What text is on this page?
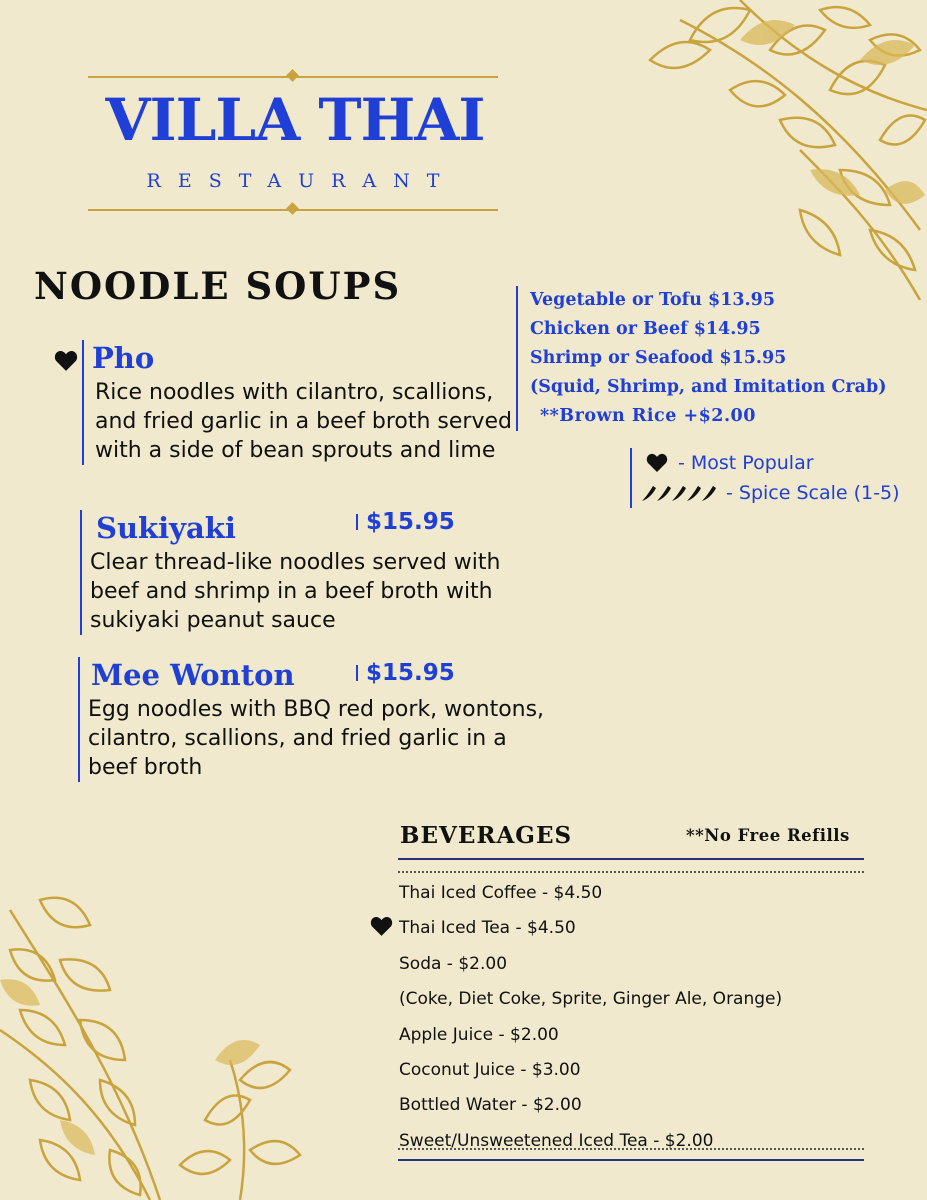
VILLA THAI
RESTAURANT
NOODLE SOUPS	Vegetable or Tofu $13.95
Chicken or Beef $14.95
Shrimp or Seafood $15.95
(Squid, Shrimp, and Imitation Crab)
**Brown Rice +$2.00
- Most Popular
- Spice Scale (1-5)
Pho
Rice noodles with cilantro, scallions, and fried garlic in a beef broth served with a side of bean sprouts and lime
Sukiyaki
Clear thread-like noodles served with beef and shrimp in a beef broth with sukiyaki peanut sauce
$15.95
Mee Wonton
Egg noodles with BBQ red pork, wontons, cilantro, scallions, and fried garlic in a beef broth
$15.95
BEVERAGES	**No Free Refills
Thai Iced Coffee - $4.50
Thai Iced Tea - $4.50
Soda - $2.00
(Coke, Diet Coke, Sprite, Ginger Ale, Orange)
Apple Juice - $2.00
Coconut Juice - $3.00
Bottled Water - $2.00
Sweet/Unsweetened Iced Tea - $2.00
